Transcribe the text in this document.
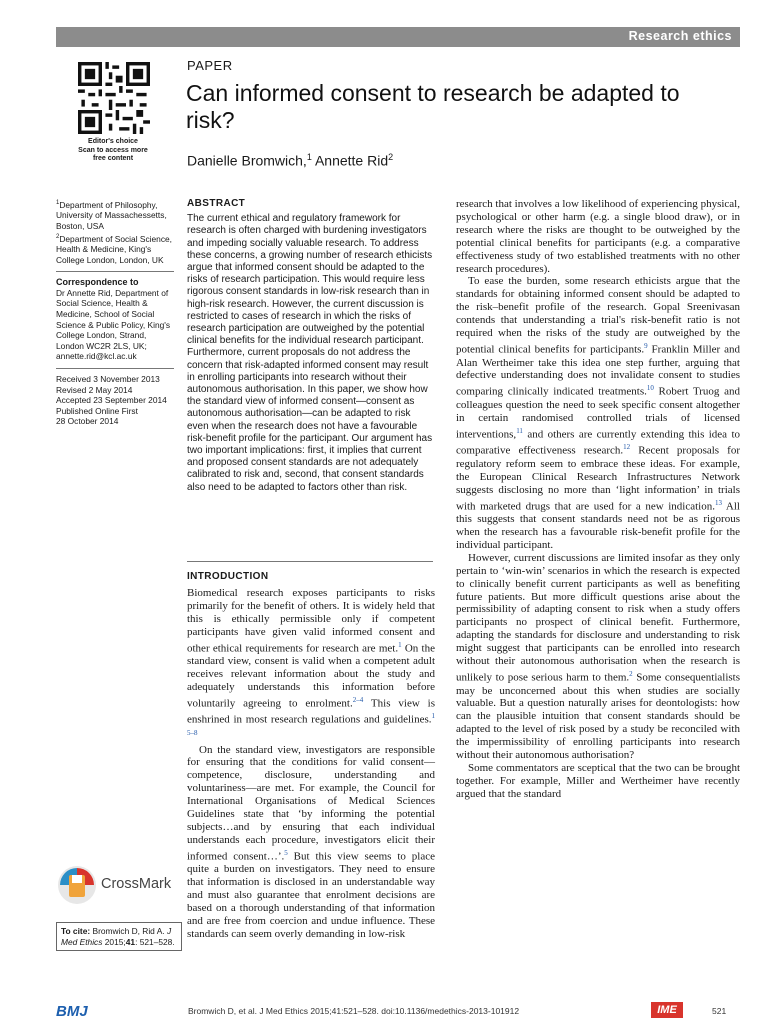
Research ethics
Editor's choice
Scan to access more
free content
PAPER
Can informed consent to research be adapted to risk?
Danielle Bromwich,$^1$ Annette Rid$^2$

$^1$Department of Philosophy, University of Massachessetts, Boston, USA

$^2$Department of Social Science, Health & Medicine, King's College London, London, UK

Correspondence to

Dr Annette Rid, Department of Social Science, Health & Medicine, School of Social Science & Public Policy, King's College London, Strand, London WC2R 2LS, UK; annette.rid@kcl.ac.uk

Received 3 November 2013

Revised 2 May 2014

Accepted 23 September 2014

Published Online First

28 October 2014

CrossMark
To cite: Bromwich D, Rid A. J Med Ethics 2015;41: 521–528.
ABSTRACT

The current ethical and regulatory framework for research is often charged with burdening investigators and impeding socially valuable research. To address these concerns, a growing number of research ethicists argue that informed consent should be adapted to the risks of research participation. This would require less rigorous consent standards in low-risk research than in high-risk research. However, the current discussion is restricted to cases of research in which the risks of research participation are outweighed by the potential clinical benefits for the individual research participant. Furthermore, current proposals do not address the concern that risk-adapted informed consent may result in enrolling participants into research without their autonomous authorisation. In this paper, we show how the standard view of informed consent—consent as autonomous authorisation—can be adapted to risk even when the research does not have a favourable risk-benefit profile for the participant. Our argument has two important implications: first, it implies that current and proposed consent standards are not adequately calibrated to risk and, second, that consent standards also need to be adapted to factors other than risk.

INTRODUCTION

Biomedical research exposes participants to risks primarily for the benefit of others. It is widely held that this is ethically permissible only if competent participants have given valid informed consent and other ethical requirements for research are met.$^1$ On the standard view, consent is valid when a competent adult receives relevant information about the study and adequately understands this information before voluntarily agreeing to enrolment.$^{2-4}$ This view is enshrined in most research regulations and guidelines.$^{1 5-8}$

On the standard view, investigators are responsible for ensuring that the conditions for valid consent—competence, disclosure, understanding and voluntariness—are met. For example, the Council for International Organisations of Medical Sciences Guidelines state that ‘by informing the potential subjects…and by ensuring that each individual understands each procedure, investigators elicit their informed consent…’.$^5$ But this view seems to place quite a burden on investigators. They need to ensure that information is disclosed in an understandable way and must also guarantee that enrolment decisions are based on a thorough understanding of that information and are free from coercion and undue influence. These standards can seem overly demanding in low-risk

research that involves a low likelihood of experiencing physical, psychological or other harm (e.g. a single blood draw), or in research where the risks are thought to be outweighed by the potential clinical benefits for participants (e.g. a comparative effectiveness study of two established treatments with no other research procedures).

To ease the burden, some research ethicists argue that the standards for obtaining informed consent should be adapted to the risk–benefit profile of the research. Gopal Sreenivasan contends that understanding a trial's risk-benefit ratio is not required when the risks of the study are outweighed by the potential clinical benefits for participants.$^9$ Franklin Miller and Alan Wertheimer take this idea one step further, arguing that defective understanding does not invalidate consent to studies comparing clinically indicated treatments.$^{10}$ Robert Truog and colleagues question the need to seek specific consent altogether in certain randomised controlled trials of licensed interventions,$^{11}$ and others are currently extending this idea to comparative effectiveness research.$^{12}$ Recent proposals for regulatory reform seem to embrace these ideas. For example, the European Clinical Research Infrastructures Network suggests disclosing no more than ‘light information’ in trials with marketed drugs that are used for a new indication.$^{13}$ All this suggests that consent standards need not be as rigorous when the research has a favourable risk-benefit profile for the individual participant.

However, current discussions are limited insofar as they only pertain to ‘win-win’ scenarios in which the research is expected to clinically benefit current participants as well as benefiting future patients. But more difficult questions arise about the permissibility of adapting consent to risk when a study offers participants no prospect of clinical benefit. Furthermore, adapting the standards for disclosure and understanding to risk might suggest that participants can be enrolled into research without their autonomous authorisation when the research is unlikely to pose serious harm to them.$^2$ Some consequentialists may be unconcerned about this when studies are socially valuable. But a question naturally arises for deontologists: how can the plausible intuition that consent standards should be adapted to the level of risk posed by a study be reconciled with the impermissibility of enrolling participants into research without their autonomous authorisation?

Some commentators are sceptical that the two can be brought together. For example, Miller and Wertheimer have recently argued that the standard

BMJ	Bromwich D, et al. J Med Ethics 2015;41:521–528. doi:10.1136/medethics-2013-101912	IME	521
